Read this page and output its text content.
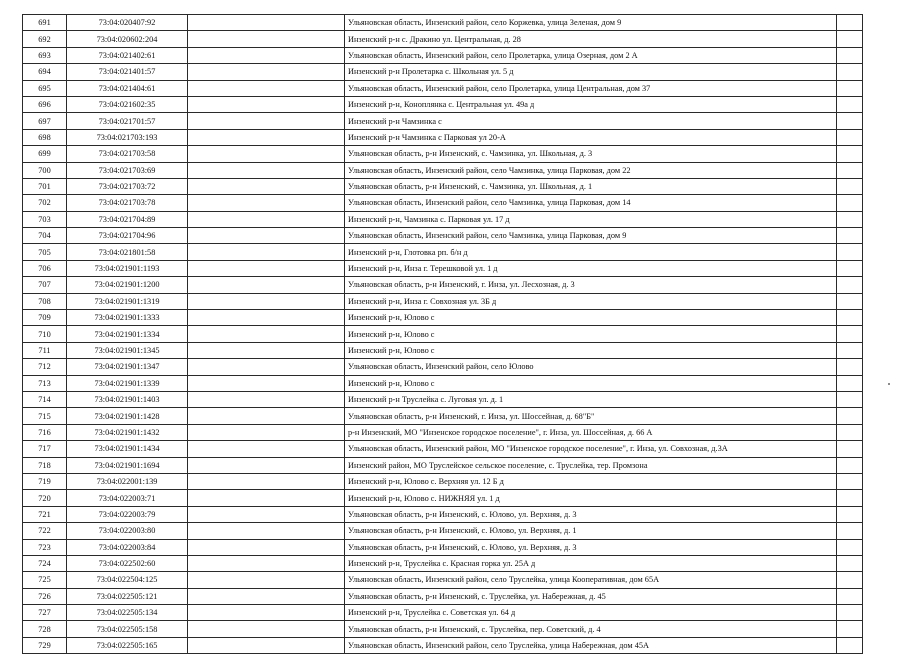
691	73:04:020407:92		Ульяновская область, Инзенский район, село Коржевка, улица Зеленая, дом 9	
692	73:04:020602:204		Инзенский р-н с. Дракино ул. Центральная, д. 28	
693	73:04:021402:61		Ульяновская область, Инзенский район, село Пролетарка, улица Озерная, дом 2 А	
694	73:04:021401:57		Инзенский р-н Пролетарка с. Школьная ул. 5 д	
695	73:04:021404:61		Ульяновская область, Инзенский район, село Пролетарка, улица Центральная, дом 37	
696	73:04:021602:35		Инзенский р-н, Коноплянка с. Центральная ул. 49а д	
697	73:04:021701:57		Инзенский р-н Чамзинка с	
698	73:04:021703:193		Инзенский р-н Чамзинка с Парковая ул 20-А	
699	73:04:021703:58		Ульяновская область, р-н Инзенский, с. Чамзинка, ул. Школьная, д. 3	
700	73:04:021703:69		Ульяновская область, Инзенский район, село Чамзинка, улица Парковая, дом 22	
701	73:04:021703:72		Ульяновская область, р-н Инзенский, с. Чамзинка, ул. Школьная, д. 1	
702	73:04:021703:78		Ульяновская область, Инзенский район, село Чамзинка, улица Парковая, дом 14	
703	73:04:021704:89		Инзенский р-н, Чамзинка с. Парковая ул. 17 д	
704	73:04:021704:96		Ульяновская область, Инзенский район, село Чамзинка, улица Парковая, дом 9	
705	73:04:021801:58		Инзенский р-н, Глотовка рп. б/н д	
706	73:04:021901:1193		Инзенский р-н, Инза г. Терешковой ул. 1 д	
707	73:04:021901:1200		Ульяновская область, р-н Инзенский, г. Инза, ул. Лесхозная, д. 3	
708	73:04:021901:1319		Инзенский р-н, Инза г. Совхозная ул. 3Б д	
709	73:04:021901:1333		Инзенский р-н, Юлово с	
710	73:04:021901:1334		Инзенский р-н, Юлово с	
711	73:04:021901:1345		Инзенский р-н, Юлово с	
712	73:04:021901:1347		Ульяновская область, Инзенский район, село Юлово	
713	73:04:021901:1339		Инзенский р-н, Юлово с	
714	73:04:021901:1403		Инзенский р-н Труслейка с. Луговая ул. д. 1	
715	73:04:021901:1428		Ульяновская область, р-н Инзенский, г. Инза, ул. Шоссейная, д. 68"Б"	
716	73:04:021901:1432		р-н Инзенский, МО "Инзенское городское поселение", г. Инза, ул. Шоссейная, д. 66 А	
717	73:04:021901:1434		Ульяновская область, Инзенский район, МО "Инзенское городское поселение", г. Инза, ул. Совхозная, д.3А	
718	73:04:021901:1694		Инзенский район, МО Труслейское сельское поселение, с. Труслейка, тер. Промзона	
719	73:04:022001:139		Инзенский р-н, Юлово с. Верхняя ул. 12 Б д	
720	73:04:022003:71		Инзенский р-н, Юлово с. НИЖНЯЯ ул. 1 д	
721	73:04:022003:79		Ульяновская область, р-н Инзенский, с. Юлово, ул. Верхняя, д. 3	
722	73:04:022003:80		Ульяновская область, р-н Инзенский, с. Юлово, ул. Верхняя, д. 1	
723	73:04:022003:84		Ульяновская область, р-н Инзенский, с. Юлово, ул. Верхняя, д. 3	
724	73:04:022502:60		Инзенский р-н, Труслейка с. Красная горка ул. 25А д	
725	73:04:022504:125		Ульяновская область, Инзенский район, село Труслейка, улица Кооперативная, дом 65А	
726	73:04:022505:121		Ульяновская область, р-н Инзенский, с. Труслейка, ул. Набережная, д. 45	
727	73:04:022505:134		Инзенский р-н, Труслейка с. Советская ул. 64 д	
728	73:04:022505:158		Ульяновская область, р-н Инзенский, с. Труслейка, пер. Советский, д. 4	
729	73:04:022505:165		Ульяновская область, Инзенский район, село Труслейка, улица Набережная, дом 45А	
